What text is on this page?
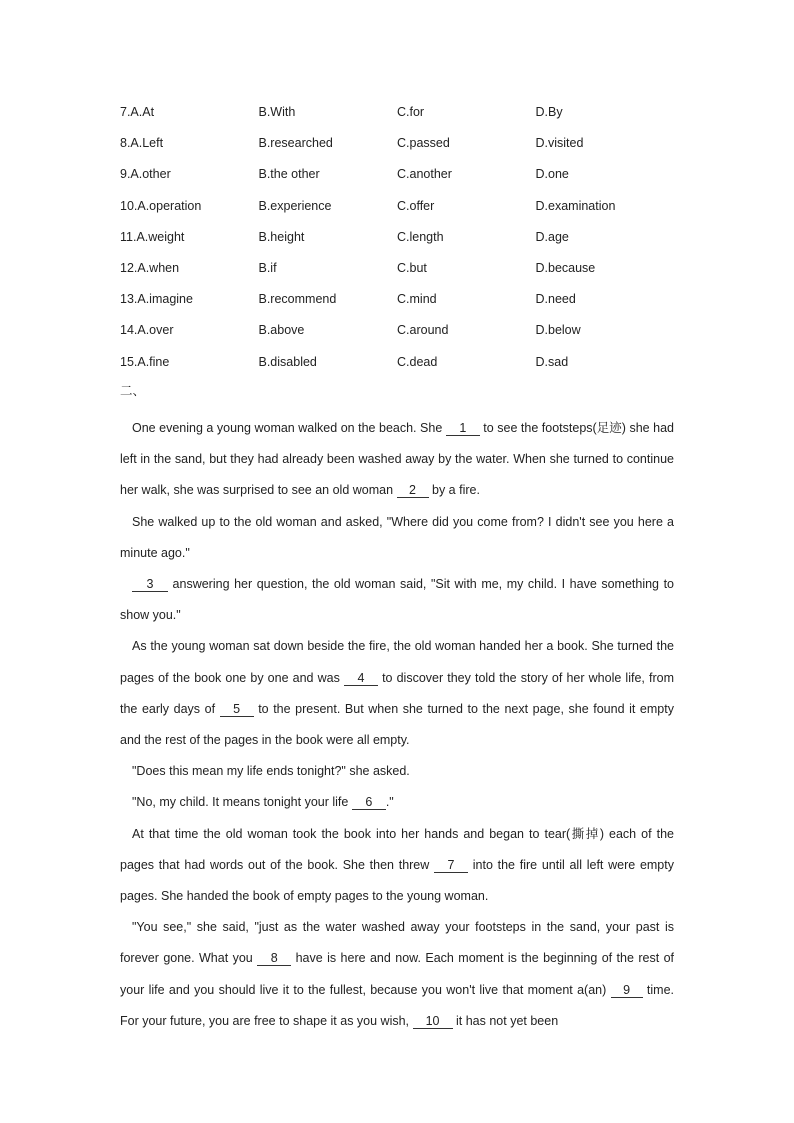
7.A.At	B.With	C.for	D.By
8.A.Left	B.researched	C.passed	D.visited
9.A.other	B.the other	C.another	D.one
10.A.operation	B.experience	C.offer	D.examination
11.A.weight	B.height	C.length	D.age
12.A.when	B.if	C.but	D.because
13.A.imagine	B.recommend	C.mind	D.need
14.A.over	B.above	C.around	D.below
15.A.fine	B.disabled	C.dead	D.sad
二、

One evening a young woman walked on the beach. She 1 to see the footsteps(足迹) she had left in the sand, but they had already been washed away by the water. When she turned to continue her walk, she was surprised to see an old woman 2 by a fire.

She walked up to the old woman and asked, "Where did you come from? I didn't see you here a minute ago."

3 answering her question, the old woman said, "Sit with me, my child. I have something to show you."

As the young woman sat down beside the fire, the old woman handed her a book. She turned the pages of the book one by one and was 4 to discover they told the story of her whole life, from the early days of 5 to the present. But when she turned to the next page, she found it empty and the rest of the pages in the book were all empty.

"Does this mean my life ends tonight?" she asked.

"No, my child. It means tonight your life 6 ."

At that time the old woman took the book into her hands and began to tear(撕掉) each of the pages that had words out of the book. She then threw 7 into the fire until all left were empty pages. She handed the book of empty pages to the young woman.

"You see," she said, "just as the water washed away your footsteps in the sand, your past is forever gone. What you 8 have is here and now. Each moment is the beginning of the rest of your life and you should live it to the fullest, because you won't live that moment a(an) 9 time. For your future, you are free to shape it as you wish, 10 it has not yet been
